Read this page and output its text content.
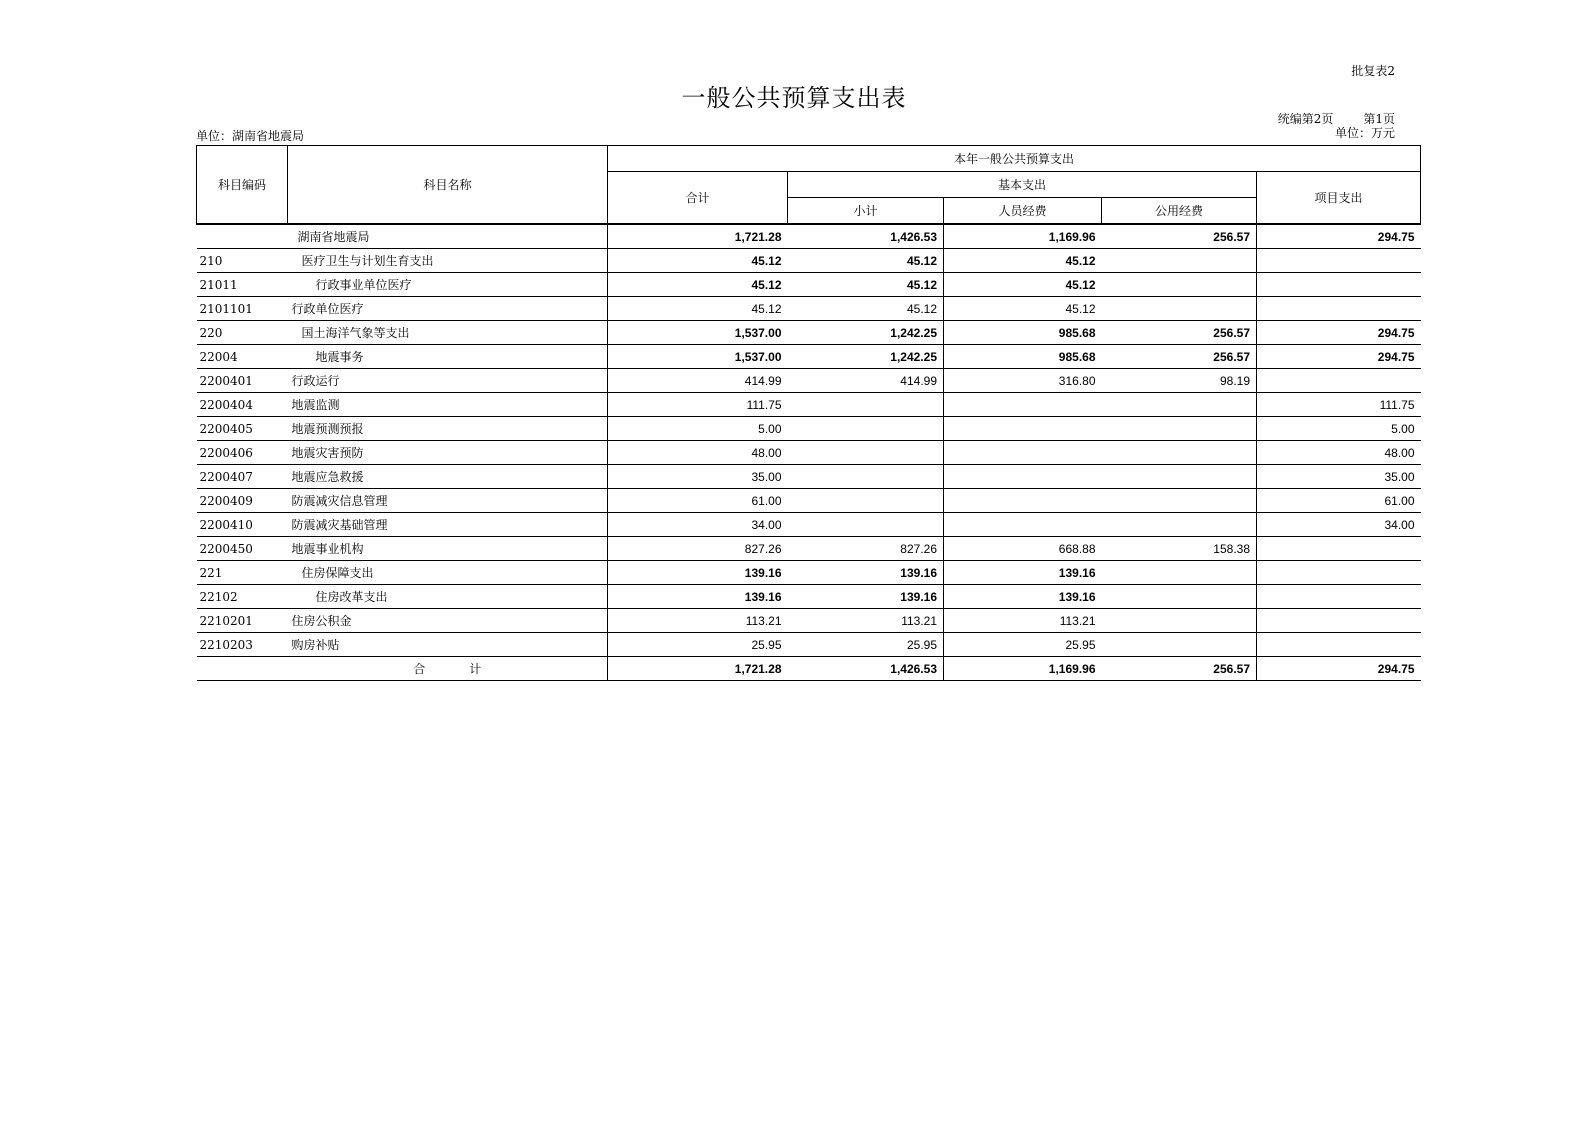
批复表2
一般公共预算支出表
统编第2页	第1页
单位：万元
单位：湖南省地震局
科目编码	科目名称	本年一般公共预算支出				
		合计	基本支出			项目支出
			小计	人员经费	公用经费	
	湖南省地震局	1,721.28	1,426.53	1,169.96	256.57	294.75
210	医疗卫生与计划生育支出	45.12	45.12	45.12		
21011	行政事业单位医疗	45.12	45.12	45.12		
2101101	行政单位医疗	45.12	45.12	45.12		
220	国土海洋气象等支出	1,537.00	1,242.25	985.68	256.57	294.75
22004	地震事务	1,537.00	1,242.25	985.68	256.57	294.75
2200401	行政运行	414.99	414.99	316.80	98.19	
2200404	地震监测	111.75				111.75
2200405	地震预测预报	5.00				5.00
2200406	地震灾害预防	48.00				48.00
2200407	地震应急救援	35.00				35.00
2200409	防震减灾信息管理	61.00				61.00
2200410	防震减灾基础管理	34.00				34.00
2200450	地震事业机构	827.26	827.26	668.88	158.38	
221	住房保障支出	139.16	139.16	139.16		
22102	住房改革支出	139.16	139.16	139.16		
2210201	住房公积金	113.21	113.21	113.21		
2210203	购房补贴	25.95	25.95	25.95		
	合 计	1,721.28	1,426.53	1,169.96	256.57	294.75
